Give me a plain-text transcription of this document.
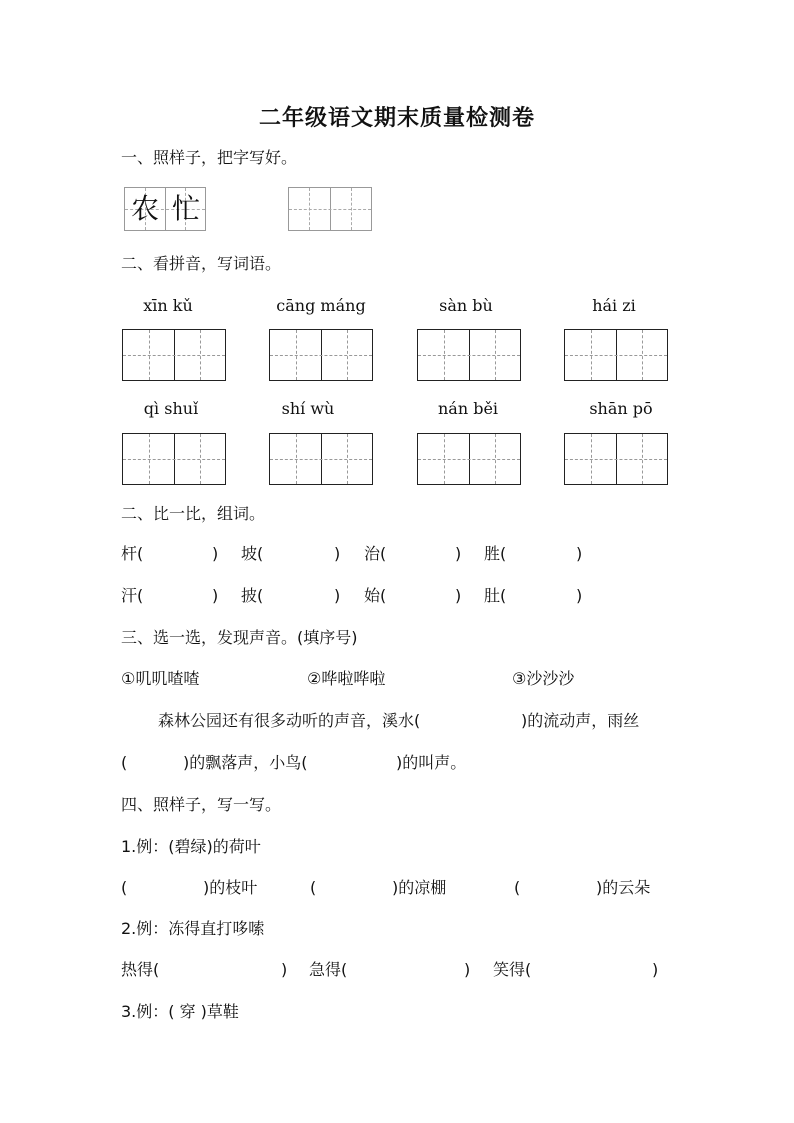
二年级语文期末质量检测卷
一、照样子，把字写好。
农 忙
二、看拼音，写词语。
xīn kǔ	cāng máng	sàn bù	hái zi
qì shuǐ	shí wù	nán běi	shān pō
二、比一比，组词。
杆(	) 坡(	) 治(	) 胜(	)
汗(	) 披(	) 始(	) 肚(	)
三、选一选，发现声音。(填序号)
①叽叽喳喳	②哗啦哗啦	③沙沙沙
森林公园还有很多动听的声音，溪水(	)的流动声，雨丝
(	)的飘落声，小鸟(	)的叫声。
四、照样子，写一写。
1.例：(碧绿)的荷叶
(	)的枝叶	(	)的凉棚	(	)的云朵
2.例：冻得直打哆嗦
热得(	) 急得(	) 笑得(	)
3.例：( 穿 )草鞋
